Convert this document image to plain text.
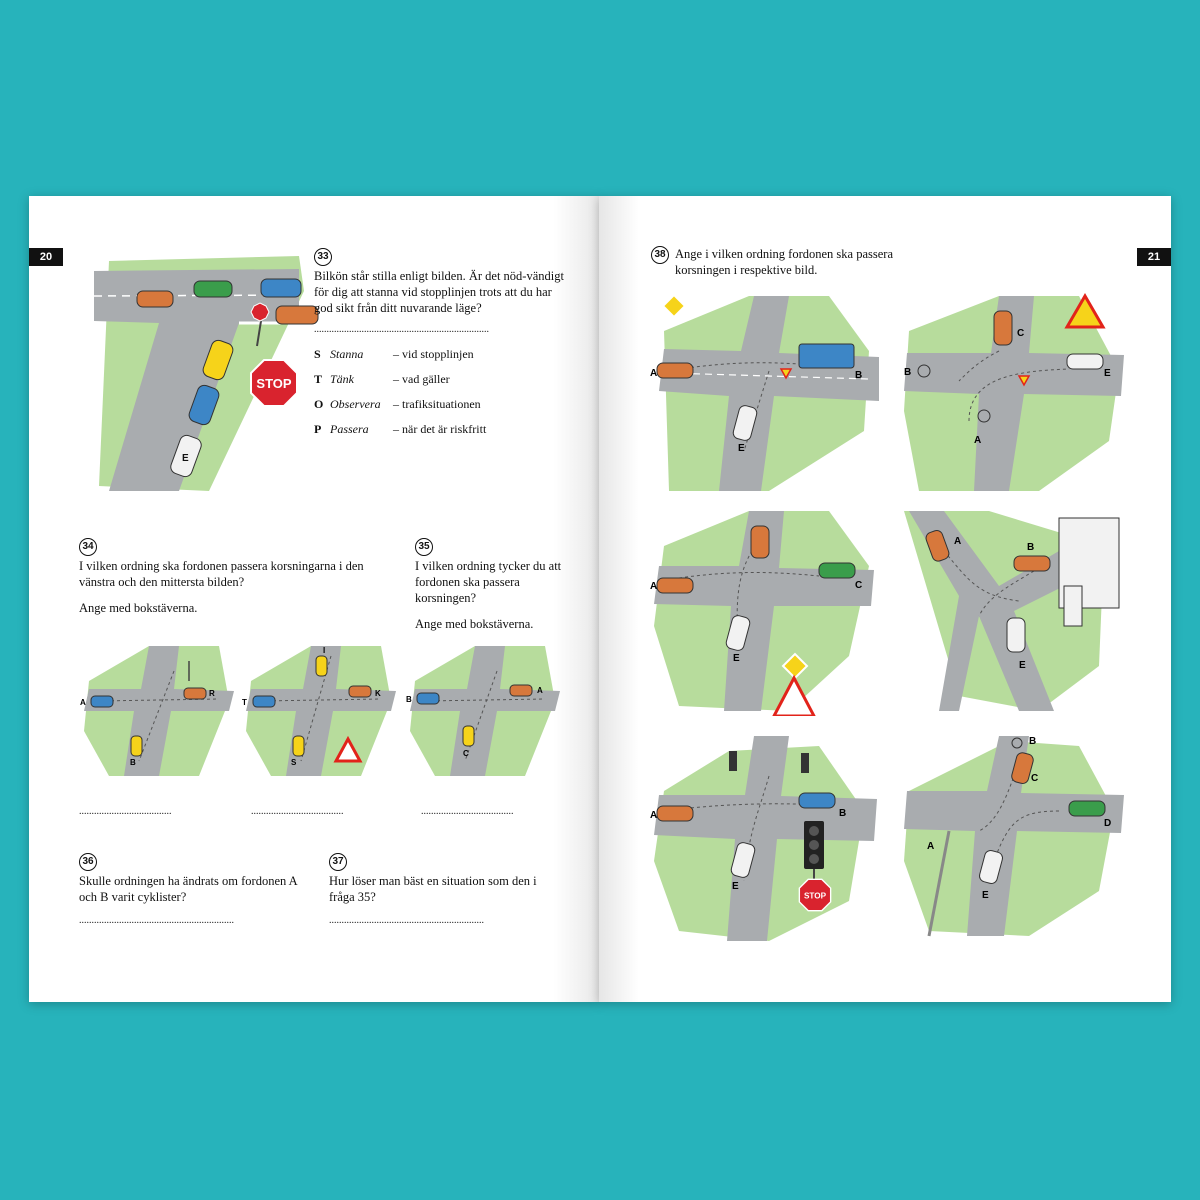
20
E
STOP
33
Bilkön står stilla enligt bilden. Är det nöd-vändigt för dig att stanna vid stopplinjen trots att du har god sikt från ditt nuvarande läge?
......................................................................
S Stanna	– vid stopplinjen
T Tänk	– vad gäller
O Observera	– trafiksituationen
P Passera	– när det är riskfritt
34
I vilken ordning ska fordonen passera korsningarna i den vänstra och den mittersta bilden?
Ange med bokstäverna.
35
I vilken ordning tycker du att fordonen ska passera korsningen?
Ange med bokstäverna.
A
R
B
T
K
I
S
B
A
C
.....................................	.....................................	.....................................
36
Skulle ordningen ha ändrats om fordonen A och B varit cyklister?
..............................................................
37
Hur löser man bäst en situation som den i fråga 35?
..............................................................
21
38 Ange i vilken ordning fordonen ska passera korsningen i respektive bild.
A	B
E
B
C
E
A
A	C
E
A
B
E
A	B
E
STOP
B
C
D
A
E
